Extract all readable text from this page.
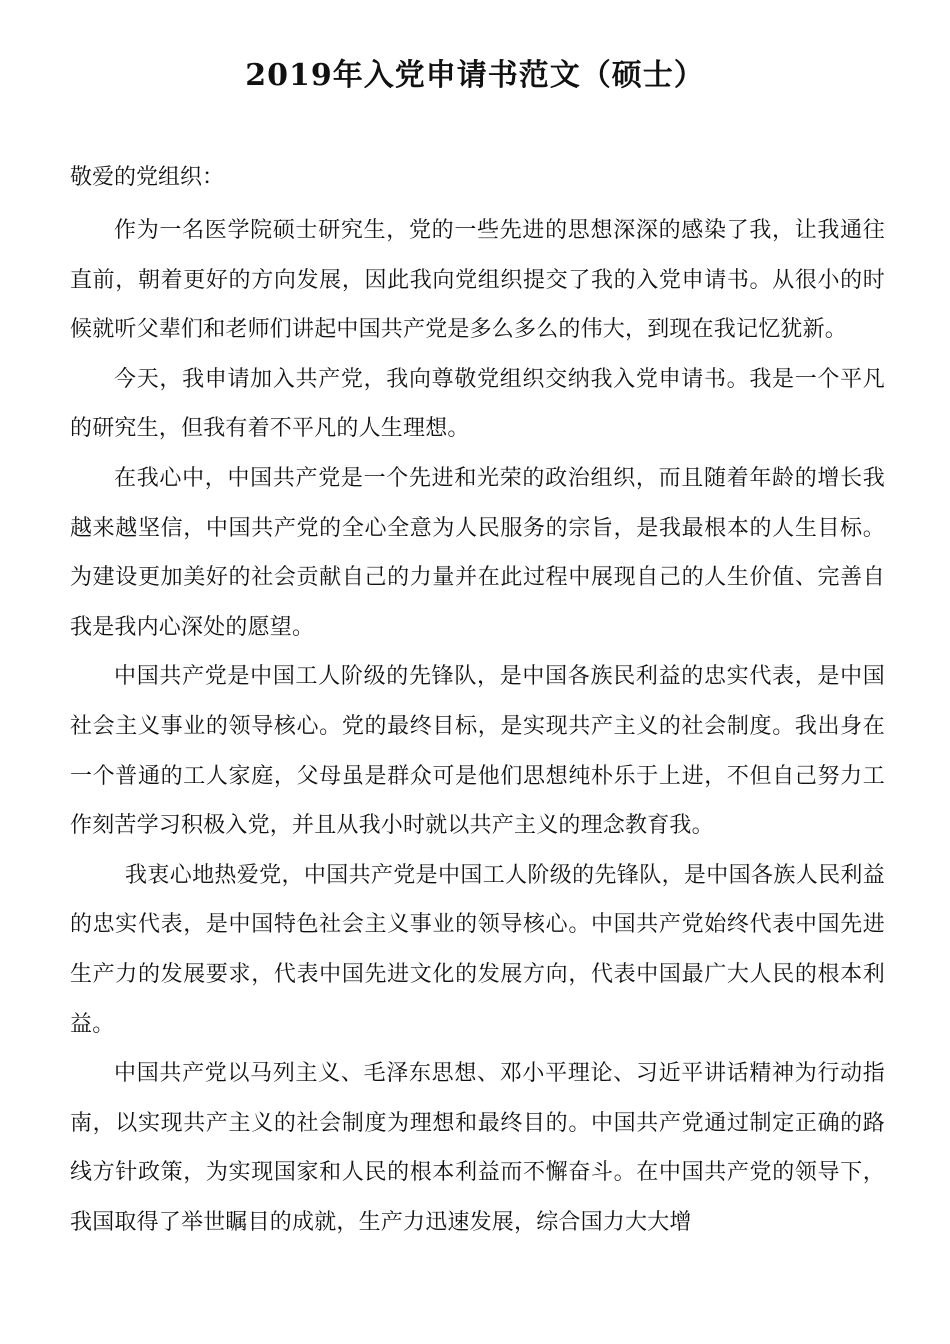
2019年入党申请书范文（硕士）

敬爱的党组织：

作为一名医学院硕士研究生，党的一些先进的思想深深的感染了我，让我通往直前，朝着更好的方向发展，因此我向党组织提交了我的入党申请书。从很小的时候就听父辈们和老师们讲起中国共产党是多么多么的伟大，到现在我记忆犹新。

今天，我申请加入共产党，我向尊敬党组织交纳我入党申请书。我是一个平凡的研究生，但我有着不平凡的人生理想。

在我心中，中国共产党是一个先进和光荣的政治组织，而且随着年龄的增长我越来越坚信，中国共产党的全心全意为人民服务的宗旨，是我最根本的人生目标。为建设更加美好的社会贡献自己的力量并在此过程中展现自己的人生价值、完善自我是我内心深处的愿望。

中国共产党是中国工人阶级的先锋队，是中国各族民利益的忠实代表，是中国社会主义事业的领导核心。党的最终目标，是实现共产主义的社会制度。我出身在一个普通的工人家庭，父母虽是群众可是他们思想纯朴乐于上进，不但自己努力工作刻苦学习积极入党，并且从我小时就以共产主义的理念教育我。

我衷心地热爱党，中国共产党是中国工人阶级的先锋队，是中国各族人民利益的忠实代表，是中国特色社会主义事业的领导核心。中国共产党始终代表中国先进生产力的发展要求，代表中国先进文化的发展方向，代表中国最广大人民的根本利益。

中国共产党以马列主义、毛泽东思想、邓小平理论、习近平讲话精神为行动指南，以实现共产主义的社会制度为理想和最终目的。中国共产党通过制定正确的路线方针政策，为实现国家和人民的根本利益而不懈奋斗。在中国共产党的领导下，我国取得了举世瞩目的成就，生产力迅速发展，综合国力大大增
